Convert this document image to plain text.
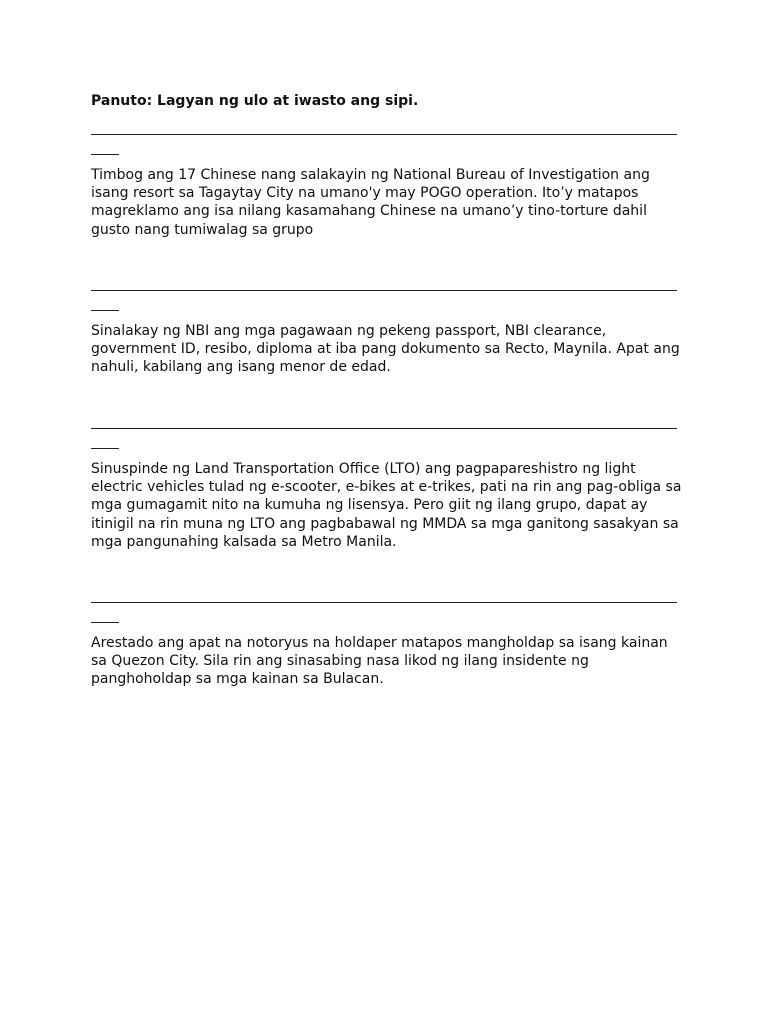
Panuto: Lagyan ng ulo at iwasto ang sipi.

Timbog ang 17 Chinese nang salakayin ng National Bureau of Investigation ang isang resort sa Tagaytay City na umano'y may POGO operation. Ito’y matapos magreklamo ang isa nilang kasamahang Chinese na umano’y tino-torture dahil gusto nang tumiwalag sa grupo

Sinalakay ng NBI ang mga pagawaan ng pekeng passport, NBI clearance, government ID, resibo, diploma at iba pang dokumento sa Recto, Maynila. Apat ang nahuli, kabilang ang isang menor de edad.

Sinuspinde ng Land Transportation Office (LTO) ang pagpapareshistro ng light electric vehicles tulad ng e-scooter, e-bikes at e-trikes, pati na rin ang pag-obliga sa mga gumagamit nito na kumuha ng lisensya. Pero giit ng ilang grupo, dapat ay itinigil na rin muna ng LTO ang pagbabawal ng MMDA sa mga ganitong sasakyan sa mga pangunahing kalsada sa Metro Manila.

Arestado ang apat na notoryus na holdaper matapos mangholdap sa isang kainan sa Quezon City. Sila rin ang sinasabing nasa likod ng ilang insidente ng panghoholdap sa mga kainan sa Bulacan.
